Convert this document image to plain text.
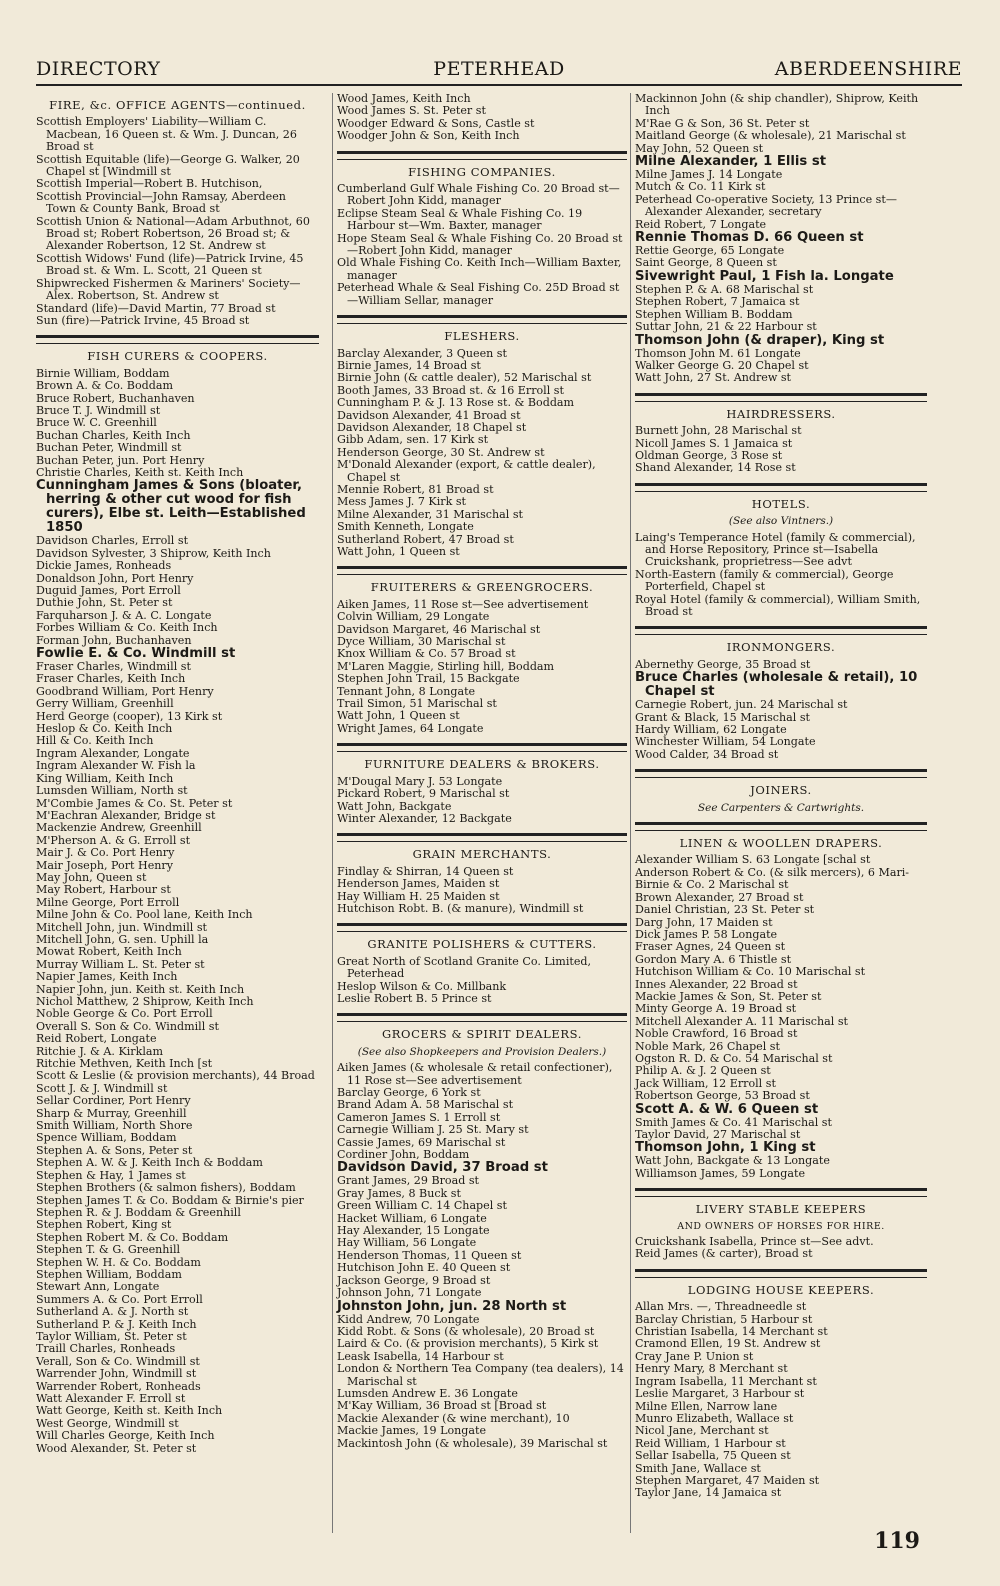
DIRECTORY	PETERHEAD	ABERDEENSHIRE
FIRE, &c. OFFICE AGENTS—continued.
Scottish Employers' Liability—William C. Macbean, 16 Queen st. & Wm. J. Duncan, 26 Broad st
Scottish Equitable (life)—George G. Walker, 20 Chapel st [Windmill st
Scottish Imperial—Robert B. Hutchison,
Scottish Provincial—John Ramsay, Aberdeen Town & County Bank, Broad st
Scottish Union & National—Adam Arbuthnot, 60 Broad st; Robert Robertson, 26 Broad st; & Alexander Robertson, 12 St. Andrew st
Scottish Widows' Fund (life)—Patrick Irvine, 45 Broad st. & Wm. L. Scott, 21 Queen st
Shipwrecked Fishermen & Mariners' Society—Alex. Robertson, St. Andrew st
Standard (life)—David Martin, 77 Broad st
Sun (fire)—Patrick Irvine, 45 Broad st
FISH CURERS & COOPERS.
Birnie William, Boddam
Brown A. & Co. Boddam
Bruce Robert, Buchanhaven
Bruce T. J. Windmill st
Bruce W. C. Greenhill
Buchan Charles, Keith Inch
Buchan Peter, Windmill st
Buchan Peter, jun. Port Henry
Christie Charles, Keith st. Keith Inch
Cunningham James & Sons (bloater, herring & other cut wood for fish curers), Elbe st. Leith—Established 1850
Davidson Charles, Erroll st
Davidson Sylvester, 3 Shiprow, Keith Inch
Dickie James, Ronheads
Donaldson John, Port Henry
Duguid James, Port Erroll
Duthie John, St. Peter st
Farquharson J. & A. C. Longate
Forbes William & Co. Keith Inch
Forman John, Buchanhaven
Fowlie E. & Co. Windmill st
Fraser Charles, Windmill st
Fraser Charles, Keith Inch
Goodbrand William, Port Henry
Gerry William, Greenhill
Herd George (cooper), 13 Kirk st
Heslop & Co. Keith Inch
Hill & Co. Keith Inch
Ingram Alexander, Longate
Ingram Alexander W. Fish la
King William, Keith Inch
Lumsden William, North st
M'Combie James & Co. St. Peter st
M'Eachran Alexander, Bridge st
Mackenzie Andrew, Greenhill
M'Pherson A. & G. Erroll st
Mair J. & Co. Port Henry
Mair Joseph, Port Henry
May John, Queen st
May Robert, Harbour st
Milne George, Port Erroll
Milne John & Co. Pool lane, Keith Inch
Mitchell John, jun. Windmill st
Mitchell John, G. sen. Uphill la
Mowat Robert, Keith Inch
Murray William L. St. Peter st
Napier James, Keith Inch
Napier John, jun. Keith st. Keith Inch
Nichol Matthew, 2 Shiprow, Keith Inch
Noble George & Co. Port Erroll
Overall S. Son & Co. Windmill st
Reid Robert, Longate
Ritchie J. & A. Kirklam
Ritchie Methven, Keith Inch [st
Scott & Leslie (& provision merchants), 44 Broad
Scott J. & J. Windmill st
Sellar Cordiner, Port Henry
Sharp & Murray, Greenhill
Smith William, North Shore
Spence William, Boddam
Stephen A. & Sons, Peter st
Stephen A. W. & J. Keith Inch & Boddam
Stephen & Hay, 1 James st
Stephen Brothers (& salmon fishers), Boddam
Stephen James T. & Co. Boddam & Birnie's pier
Stephen R. & J. Boddam & Greenhill
Stephen Robert, King st
Stephen Robert M. & Co. Boddam
Stephen T. & G. Greenhill
Stephen W. H. & Co. Boddam
Stephen William, Boddam
Stewart Ann, Longate
Summers A. & Co. Port Erroll
Sutherland A. & J. North st
Sutherland P. & J. Keith Inch
Taylor William, St. Peter st
Traill Charles, Ronheads
Verall, Son & Co. Windmill st
Warrender John, Windmill st
Warrender Robert, Ronheads
Watt Alexander F. Erroll st
Watt George, Keith st. Keith Inch
West George, Windmill st
Will Charles George, Keith Inch
Wood Alexander, St. Peter st
Wood James, Keith Inch
Wood James S. St. Peter st
Woodger Edward & Sons, Castle st
Woodger John & Son, Keith Inch
FISHING COMPANIES.
Cumberland Gulf Whale Fishing Co. 20 Broad st—Robert John Kidd, manager
Eclipse Steam Seal & Whale Fishing Co. 19 Harbour st—Wm. Baxter, manager
Hope Steam Seal & Whale Fishing Co. 20 Broad st—Robert John Kidd, manager
Old Whale Fishing Co. Keith Inch—William Baxter, manager
Peterhead Whale & Seal Fishing Co. 25D Broad st—William Sellar, manager
FLESHERS.
Barclay Alexander, 3 Queen st
Birnie James, 14 Broad st
Birnie John (& cattle dealer), 52 Marischal st
Booth James, 33 Broad st. & 16 Erroll st
Cunningham P. & J. 13 Rose st. & Boddam
Davidson Alexander, 41 Broad st
Davidson Alexander, 18 Chapel st
Gibb Adam, sen. 17 Kirk st
Henderson George, 30 St. Andrew st
M'Donald Alexander (export, & cattle dealer), Chapel st
Mennie Robert, 81 Broad st
Mess James J. 7 Kirk st
Milne Alexander, 31 Marischal st
Smith Kenneth, Longate
Sutherland Robert, 47 Broad st
Watt John, 1 Queen st
FRUITERERS & GREENGROCERS.
Aiken James, 11 Rose st—See advertisement
Colvin William, 29 Longate
Davidson Margaret, 46 Marischal st
Dyce William, 30 Marischal st
Knox William & Co. 57 Broad st
M'Laren Maggie, Stirling hill, Boddam
Stephen John Trail, 15 Backgate
Tennant John, 8 Longate
Trail Simon, 51 Marischal st
Watt John, 1 Queen st
Wright James, 64 Longate
FURNITURE DEALERS & BROKERS.
M'Dougal Mary J. 53 Longate
Pickard Robert, 9 Marischal st
Watt John, Backgate
Winter Alexander, 12 Backgate
GRAIN MERCHANTS.
Findlay & Shirran, 14 Queen st
Henderson James, Maiden st
Hay William H. 25 Maiden st
Hutchison Robt. B. (& manure), Windmill st
GRANITE POLISHERS & CUTTERS.
Great North of Scotland Granite Co. Limited, Peterhead
Heslop Wilson & Co. Millbank
Leslie Robert B. 5 Prince st
GROCERS & SPIRIT DEALERS.
(See also Shopkeepers and Provision Dealers.)
Aiken James (& wholesale & retail confectioner), 11 Rose st—See advertisement
Barclay George, 6 York st
Brand Adam A. 58 Marischal st
Cameron James S. 1 Erroll st
Carnegie William J. 25 St. Mary st
Cassie James, 69 Marischal st
Cordiner John, Boddam
Davidson David, 37 Broad st
Grant James, 29 Broad st
Gray James, 8 Buck st
Green William C. 14 Chapel st
Hacket William, 6 Longate
Hay Alexander, 15 Longate
Hay William, 56 Longate
Henderson Thomas, 11 Queen st
Hutchison John E. 40 Queen st
Jackson George, 9 Broad st
Johnson John, 71 Longate
Johnston John, jun. 28 North st
Kidd Andrew, 70 Longate
Kidd Robt. & Sons (& wholesale), 20 Broad st
Laird & Co. (& provision merchants), 5 Kirk st
Leask Isabella, 14 Harbour st
London & Northern Tea Company (tea dealers), 14 Marischal st
Lumsden Andrew E. 36 Longate
M'Kay William, 36 Broad st [Broad st
Mackie Alexander (& wine merchant), 10
Mackie James, 19 Longate
Mackintosh John (& wholesale), 39 Marischal st
Mackinnon John (& ship chandler), Shiprow, Keith Inch
M'Rae G & Son, 36 St. Peter st
Maitland George (& wholesale), 21 Marischal st
May John, 52 Queen st
Milne Alexander, 1 Ellis st
Milne James J. 14 Longate
Mutch & Co. 11 Kirk st
Peterhead Co-operative Society, 13 Prince st—Alexander Alexander, secretary
Reid Robert, 7 Longate
Rennie Thomas D. 66 Queen st
Rettie George, 65 Longate
Saint George, 8 Queen st
Sivewright Paul, 1 Fish la. Longate
Stephen P. & A. 68 Marischal st
Stephen Robert, 7 Jamaica st
Stephen William B. Boddam
Suttar John, 21 & 22 Harbour st
Thomson John (& draper), King st
Thomson John M. 61 Longate
Walker George G. 20 Chapel st
Watt John, 27 St. Andrew st
HAIRDRESSERS.
Burnett John, 28 Marischal st
Nicoll James S. 1 Jamaica st
Oldman George, 3 Rose st
Shand Alexander, 14 Rose st
HOTELS.
(See also Vintners.)
Laing's Temperance Hotel (family & commercial), and Horse Repository, Prince st—Isabella Cruickshank, proprietress—See advt
North-Eastern (family & commercial), George Porterfield, Chapel st
Royal Hotel (family & commercial), William Smith, Broad st
IRONMONGERS.
Abernethy George, 35 Broad st
Bruce Charles (wholesale & retail), 10 Chapel st
Carnegie Robert, jun. 24 Marischal st
Grant & Black, 15 Marischal st
Hardy William, 62 Longate
Winchester William, 54 Longate
Wood Calder, 34 Broad st
JOINERS.
See Carpenters & Cartwrights.
LINEN & WOOLLEN DRAPERS.
Alexander William S. 63 Longate [schal st
Anderson Robert & Co. (& silk mercers), 6 Mari-
Birnie & Co. 2 Marischal st
Brown Alexander, 27 Broad st
Daniel Christian, 23 St. Peter st
Darg John, 17 Maiden st
Dick James P. 58 Longate
Fraser Agnes, 24 Queen st
Gordon Mary A. 6 Thistle st
Hutchison William & Co. 10 Marischal st
Innes Alexander, 22 Broad st
Mackie James & Son, St. Peter st
Minty George A. 19 Broad st
Mitchell Alexander A. 11 Marischal st
Noble Crawford, 16 Broad st
Noble Mark, 26 Chapel st
Ogston R. D. & Co. 54 Marischal st
Philip A. & J. 2 Queen st
Jack William, 12 Erroll st
Robertson George, 53 Broad st
Scott A. & W. 6 Queen st
Smith James & Co. 41 Marischal st
Taylor David, 27 Marischal st
Thomson John, 1 King st
Watt John, Backgate & 13 Longate
Williamson James, 59 Longate
LIVERY STABLE KEEPERS
AND OWNERS OF HORSES FOR HIRE.
Cruickshank Isabella, Prince st—See advt.
Reid James (& carter), Broad st
LODGING HOUSE KEEPERS.
Allan Mrs. —, Threadneedle st
Barclay Christian, 5 Harbour st
Christian Isabella, 14 Merchant st
Cramond Ellen, 19 St. Andrew st
Cray Jane P. Union st
Henry Mary, 8 Merchant st
Ingram Isabella, 11 Merchant st
Leslie Margaret, 3 Harbour st
Milne Ellen, Narrow lane
Munro Elizabeth, Wallace st
Nicol Jane, Merchant st
Reid William, 1 Harbour st
Sellar Isabella, 75 Queen st
Smith Jane, Wallace st
Stephen Margaret, 47 Maiden st
Taylor Jane, 14 Jamaica st
119
